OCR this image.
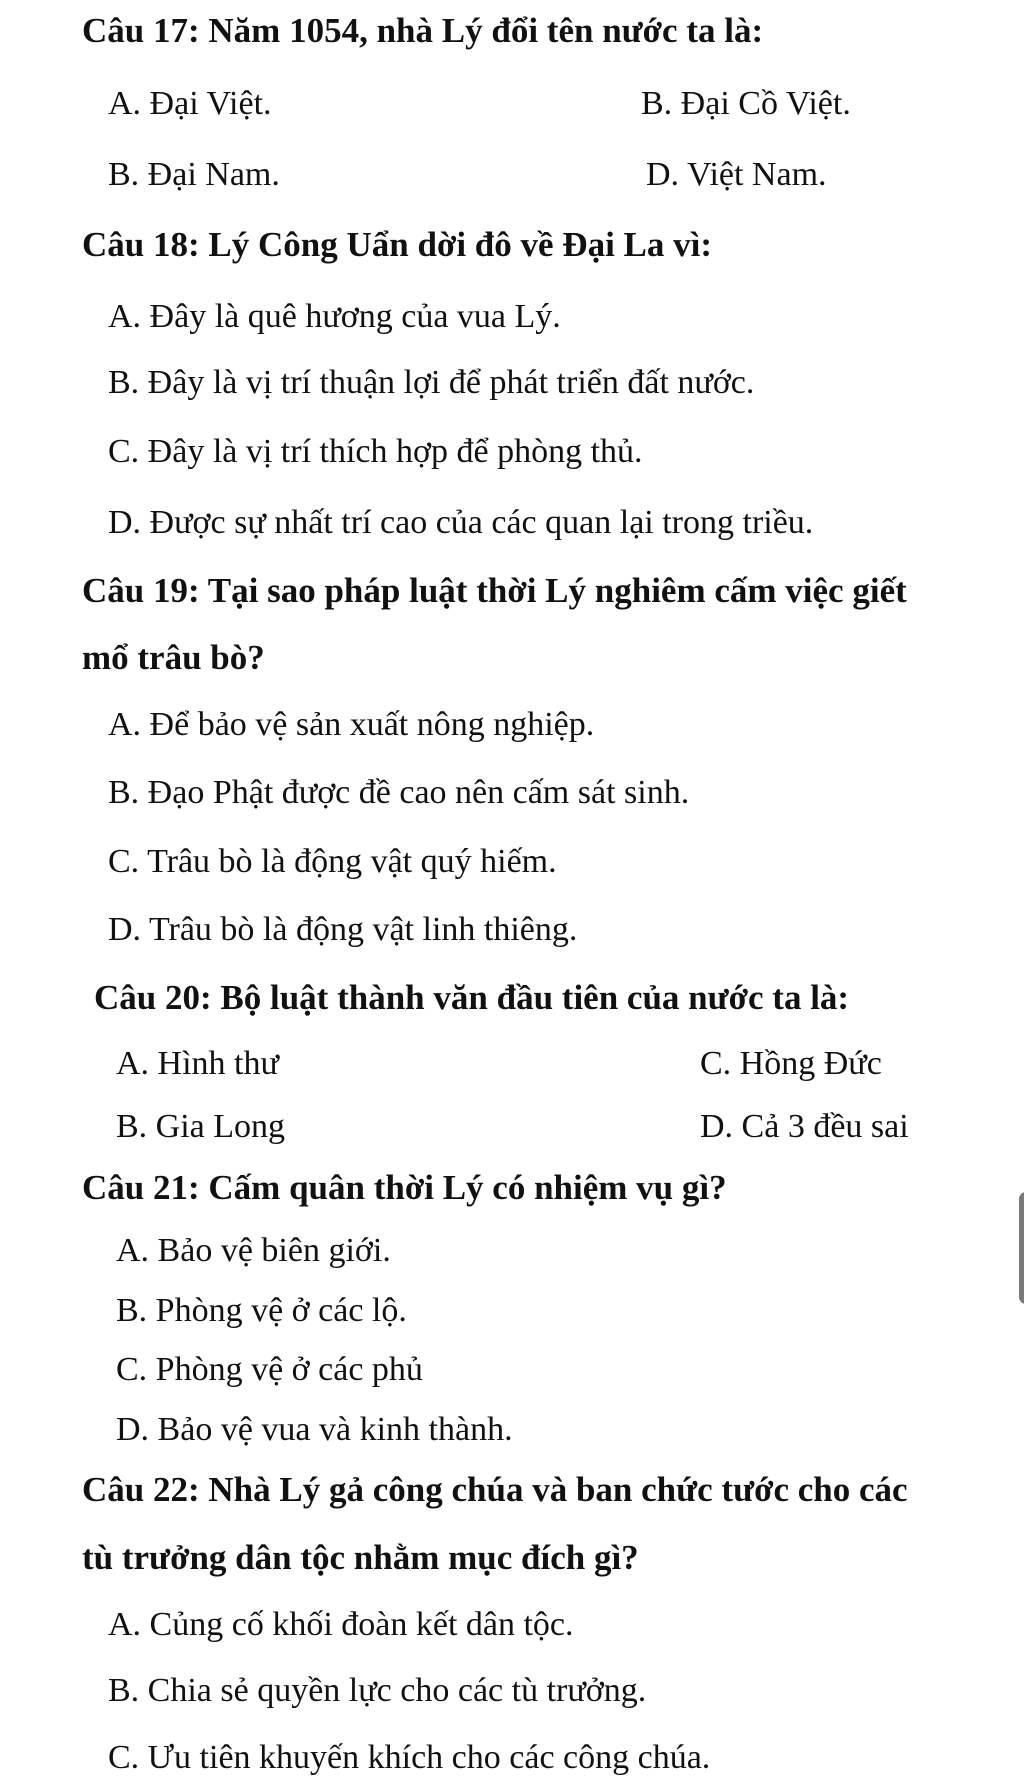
Câu 17: Năm 1054, nhà Lý đổi tên nước ta là:
A. Đại Việt.	B. Đại Cồ Việt.
B. Đại Nam.	D. Việt Nam.
Câu 18: Lý Công Uẩn dời đô về Đại La vì:
A. Đây là quê hương của vua Lý.
B. Đây là vị trí thuận lợi để phát triển đất nước.
C. Đây là vị trí thích hợp để phòng thủ.
D. Được sự nhất trí cao của các quan lại trong triều.
Câu 19: Tại sao pháp luật thời Lý nghiêm cấm việc giết
mổ trâu bò?
A. Để bảo vệ sản xuất nông nghiệp.
B. Đạo Phật được đề cao nên cấm sát sinh.
C. Trâu bò là động vật quý hiếm.
D. Trâu bò là động vật linh thiêng.
Câu 20: Bộ luật thành văn đầu tiên của nước ta là:
A. Hình thư	C. Hồng Đức
B. Gia Long	D. Cả 3 đều sai
Câu 21: Cấm quân thời Lý có nhiệm vụ gì?
A. Bảo vệ biên giới.
B. Phòng vệ ở các lộ.
C. Phòng vệ ở các phủ
D. Bảo vệ vua và kinh thành.
Câu 22: Nhà Lý gả công chúa và ban chức tước cho các
tù trưởng dân tộc nhằm mục đích gì?
A. Củng cố khối đoàn kết dân tộc.
B. Chia sẻ quyền lực cho các tù trưởng.
C. Ưu tiên khuyến khích cho các công chúa.
